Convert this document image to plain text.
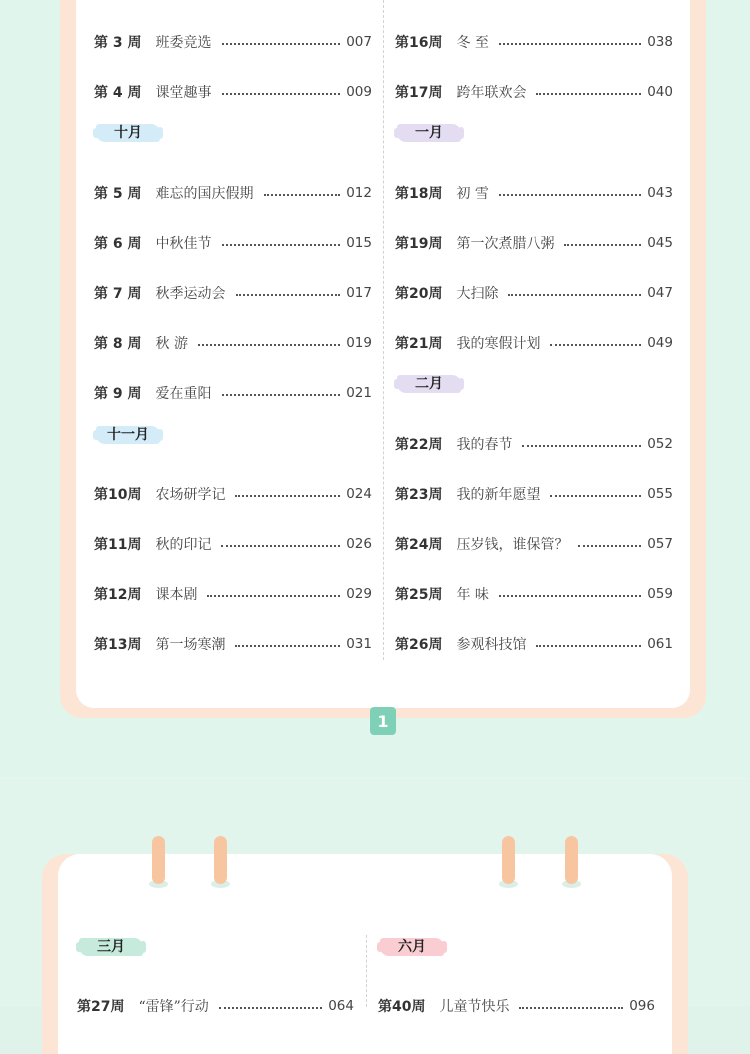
第 3 周 班委竞选	007
第 4 周 课堂趣事	009
十月
第 5 周 难忘的国庆假期	012
第 6 周 中秋佳节	015
第 7 周 秋季运动会	017
第 8 周 秋 游	019
第 9 周 爱在重阳	021
十一月
第10周 农场研学记	024
第11周 秋的印记	026
第12周 课本剧	029
第13周 第一场寒潮	031
第16周 冬 至	038
第17周 跨年联欢会	040
一月
第18周 初 雪	043
第19周 第一次煮腊八粥	045
第20周 大扫除	047
第21周 我的寒假计划	049
二月
第22周 我的春节	052
第23周 我的新年愿望	055
第24周 压岁钱，谁保管？	057
第25周 年 味	059
第26周 参观科技馆	061
1
三月
第27周 “雷锋”行动	064
六月
第40周 儿童节快乐	096
